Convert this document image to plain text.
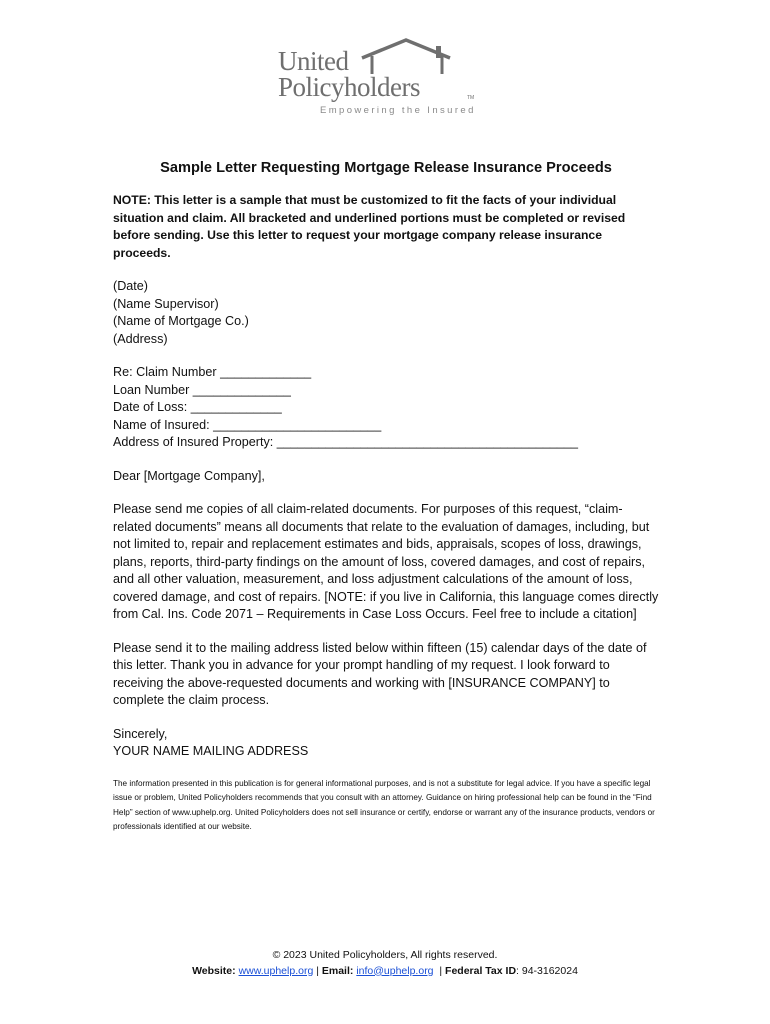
United
Policyholders	TM
Empowering the Insured
Sample Letter Requesting Mortgage Release Insurance Proceeds
NOTE: This letter is a sample that must be customized to fit the facts of your individual situation and claim. All bracketed and underlined portions must be completed or revised before sending. Use this letter to request your mortgage company release insurance proceeds.
(Date)
(Name Supervisor)
(Name of Mortgage Co.)
(Address)
Re: Claim Number _____________
Loan Number ______________
Date of Loss: _____________
Name of Insured: ________________________
Address of Insured Property: ___________________________________________
Dear [Mortgage Company],
Please send me copies of all claim-related documents. For purposes of this request, “claim-related documents” means all documents that relate to the evaluation of damages, including, but not limited to, repair and replacement estimates and bids, appraisals, scopes of loss, drawings, plans, reports, third-party findings on the amount of loss, covered damages, and cost of repairs, and all other valuation, measurement, and loss adjustment calculations of the amount of loss, covered damage, and cost of repairs. [NOTE: if you live in California, this language comes directly from Cal. Ins. Code 2071 – Requirements in Case Loss Occurs. Feel free to include a citation]
Please send it to the mailing address listed below within fifteen (15) calendar days of the date of this letter. Thank you in advance for your prompt handling of my request. I look forward to receiving the above-requested documents and working with [INSURANCE COMPANY] to complete the claim process.
Sincerely,
YOUR NAME MAILING ADDRESS
The information presented in this publication is for general informational purposes, and is not a substitute for legal advice. If you have a specific legal issue or problem, United Policyholders recommends that you consult with an attorney. Guidance on hiring professional help can be found in the “Find Help” section of www.uphelp.org. United Policyholders does not sell insurance or certify, endorse or warrant any of the insurance products, vendors or professionals identified at our website.
© 2023 United Policyholders, All rights reserved.
Website: www.uphelp.org | Email: info@uphelp.org | Federal Tax ID: 94-3162024
